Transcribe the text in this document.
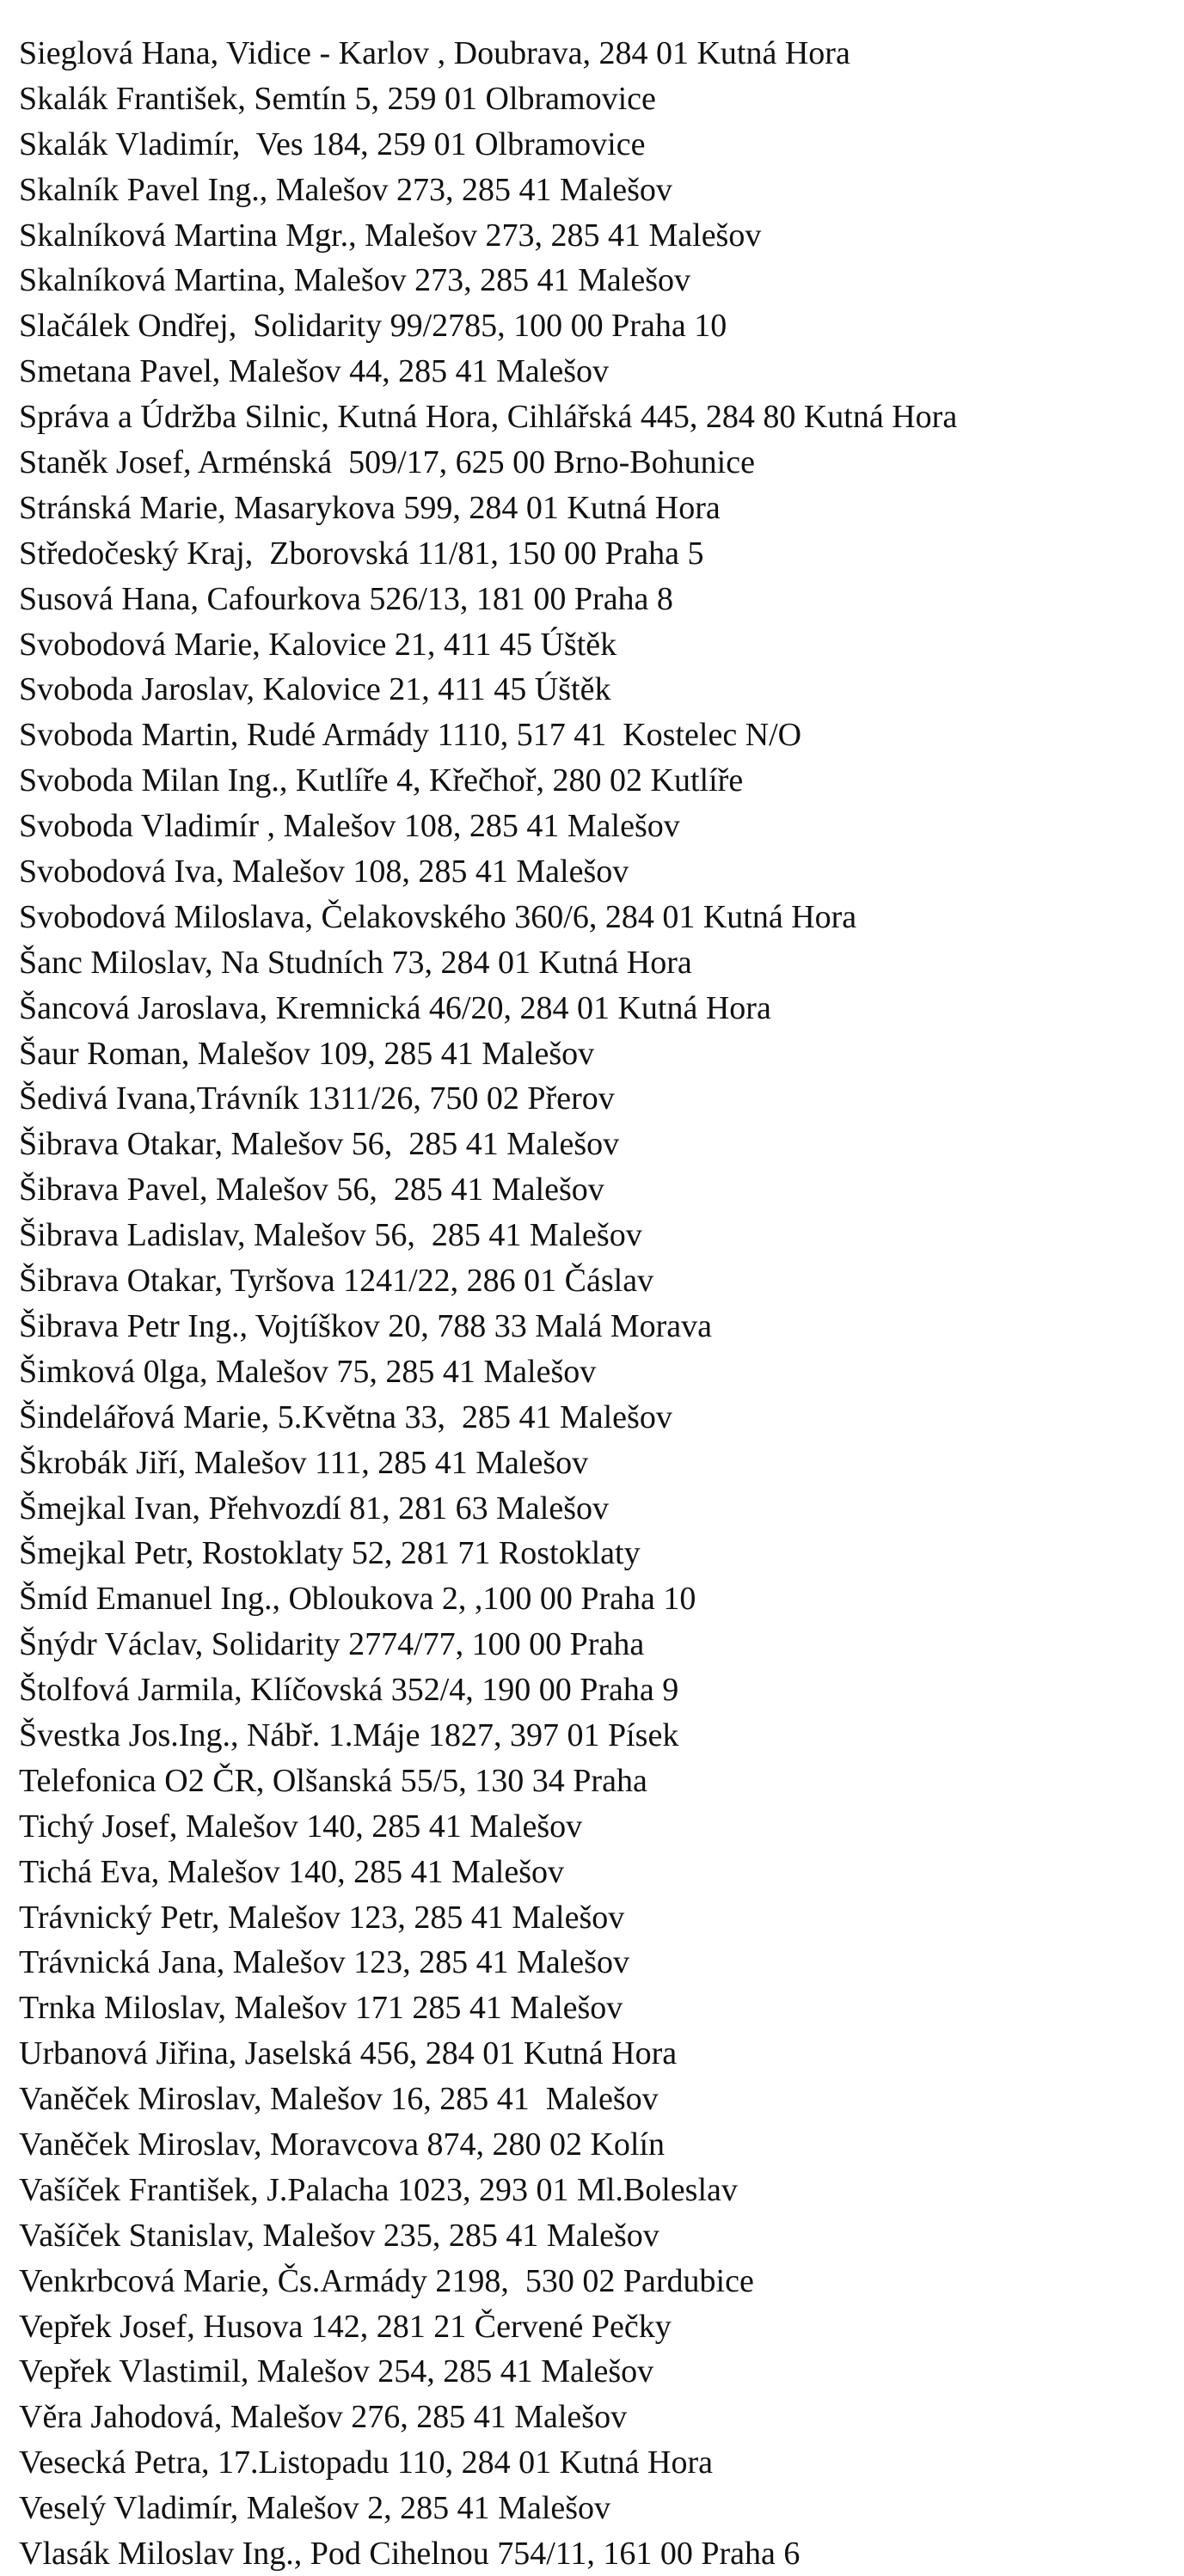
Sieglová Hana, Vidice - Karlov , Doubrava, 284 01 Kutná Hora
Skalák František, Semtín 5, 259 01 Olbramovice
Skalák Vladimír,  Ves 184, 259 01 Olbramovice
Skalník Pavel Ing., Malešov 273, 285 41 Malešov
Skalníková Martina Mgr., Malešov 273, 285 41 Malešov
Skalníková Martina, Malešov 273, 285 41 Malešov
Slačálek Ondřej,  Solidarity 99/2785, 100 00 Praha 10
Smetana Pavel, Malešov 44, 285 41 Malešov
Správa a Údržba Silnic, Kutná Hora, Cihlářská 445, 284 80 Kutná Hora
Staněk Josef, Arménská  509/17, 625 00 Brno-Bohunice
Stránská Marie, Masarykova 599, 284 01 Kutná Hora
Středočeský Kraj,  Zborovská 11/81, 150 00 Praha 5
Susová Hana, Cafourkova 526/13, 181 00 Praha 8
Svobodová Marie, Kalovice 21, 411 45 Úštěk
Svoboda Jaroslav, Kalovice 21, 411 45 Úštěk
Svoboda Martin, Rudé Armády 1110, 517 41  Kostelec N/O
Svoboda Milan Ing., Kutlíře 4, Křečhoř, 280 02 Kutlíře
Svoboda Vladimír , Malešov 108, 285 41 Malešov
Svobodová Iva, Malešov 108, 285 41 Malešov
Svobodová Miloslava, Čelakovského 360/6, 284 01 Kutná Hora
Šanc Miloslav, Na Studních 73, 284 01 Kutná Hora
Šancová Jaroslava, Kremnická 46/20, 284 01 Kutná Hora
Šaur Roman, Malešov 109, 285 41 Malešov
Šedivá Ivana,Trávník 1311/26, 750 02 Přerov
Šibrava Otakar, Malešov 56,  285 41 Malešov
Šibrava Pavel, Malešov 56,  285 41 Malešov
Šibrava Ladislav, Malešov 56,  285 41 Malešov
Šibrava Otakar, Tyršova 1241/22, 286 01 Čáslav
Šibrava Petr Ing., Vojtíškov 20, 788 33 Malá Morava
Šimková 0lga, Malešov 75, 285 41 Malešov
Šindelářová Marie, 5.Května 33,  285 41 Malešov
Škrobák Jiří, Malešov 111, 285 41 Malešov
Šmejkal Ivan, Přehvozdí 81, 281 63 Malešov
Šmejkal Petr, Rostoklaty 52, 281 71 Rostoklaty
Šmíd Emanuel Ing., Obloukova 2, ,100 00 Praha 10
Šnýdr Václav, Solidarity 2774/77, 100 00 Praha
Štolfová Jarmila, Klíčovská 352/4, 190 00 Praha 9
Švestka Jos.Ing., Nábř. 1.Máje 1827, 397 01 Písek
Telefonica O2 ČR, Olšanská 55/5, 130 34 Praha
Tichý Josef, Malešov 140, 285 41 Malešov
Tichá Eva, Malešov 140, 285 41 Malešov
Trávnický Petr, Malešov 123, 285 41 Malešov
Trávnická Jana, Malešov 123, 285 41 Malešov
Trnka Miloslav, Malešov 171 285 41 Malešov
Urbanová Jiřina, Jaselská 456, 284 01 Kutná Hora
Vaněček Miroslav, Malešov 16, 285 41  Malešov
Vaněček Miroslav, Moravcova 874, 280 02 Kolín
Vašíček František, J.Palacha 1023, 293 01 Ml.Boleslav
Vašíček Stanislav, Malešov 235, 285 41 Malešov
Venkrbcová Marie, Čs.Armády 2198,  530 02 Pardubice
Vepřek Josef, Husova 142, 281 21 Červené Pečky
Vepřek Vlastimil, Malešov 254, 285 41 Malešov
Věra Jahodová, Malešov 276, 285 41 Malešov
Vesecká Petra, 17.Listopadu 110, 284 01 Kutná Hora
Veselý Vladimír, Malešov 2, 285 41 Malešov
Vlasák Miloslav Ing., Pod Cihelnou 754/11, 161 00 Praha 6
